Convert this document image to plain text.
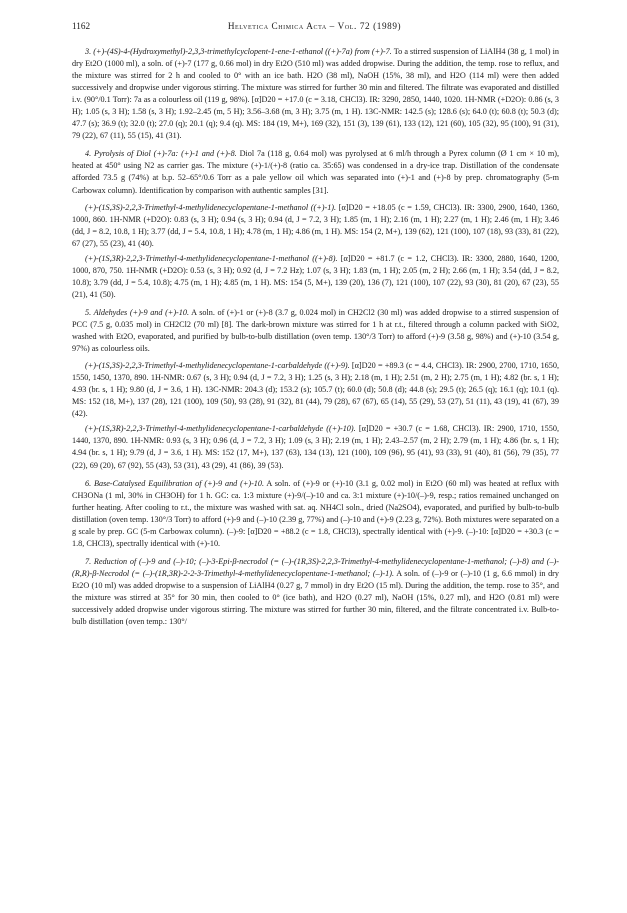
1162	Helvetica Chimica Acta – Vol. 72 (1989)

3. (+)-(4S)-4-(Hydroxymethyl)-2,3,3-trimethylcyclopent-1-ene-1-ethanol ((+)-7a) from (+)-7. To a stirred suspension of LiAlH4 (38 g, 1 mol) in dry Et2O (1000 ml), a soln. of (+)-7 (177 g, 0.66 mol) in dry Et2O (510 ml) was added dropwise. During the addition, the temp. rose to reflux, and the mixture was stirred for 2 h and cooled to 0° with an ice bath. H2O (38 ml), NaOH (15%, 38 ml), and H2O (114 ml) were then added successively and dropwise under vigorous stirring. The mixture was stirred for further 30 min and filtered. The filtrate was evaporated and distilled i.v. (90°/0.1 Torr): 7a as a colourless oil (119 g, 98%). [α]D20 = +17.0 (c = 3.18, CHCl3). IR: 3290, 2850, 1440, 1020. 1H-NMR (+D2O): 0.86 (s, 3 H); 1.05 (s, 3 H); 1.58 (s, 3 H); 1.92–2.45 (m, 5 H); 3.56–3.68 (m, 3 H); 3.75 (m, 1 H). 13C-NMR: 142.5 (s); 128.6 (s); 64.0 (t); 60.8 (t); 50.3 (d); 47.7 (s); 36.9 (t); 32.0 (t); 27.0 (q); 20.1 (q); 9.4 (q). MS: 184 (19, M+), 169 (32), 151 (3), 139 (61), 133 (12), 121 (60), 105 (32), 95 (100), 91 (31), 79 (22), 67 (11), 55 (15), 41 (31).

4. Pyrolysis of Diol (+)-7a: (+)-1 and (+)-8. Diol 7a (118 g, 0.64 mol) was pyrolysed at 6 ml/h through a Pyrex column (Ø 1 cm × 10 m), heated at 450° using N2 as carrier gas. The mixture (+)-1/(+)-8 (ratio ca. 35:65) was condensed in a dry-ice trap. Distillation of the condensate afforded 73.5 g (74%) at b.p. 52–65°/0.6 Torr as a pale yellow oil which was separated into (+)-1 and (+)-8 by prep. chromatography (5-m Carbowax column). Identification by comparison with authentic samples [31].

(+)-(1S,3S)-2,2,3-Trimethyl-4-methylidenecyclopentane-1-methanol ((+)-1). [α]D20 = +18.05 (c = 1.59, CHCl3). IR: 3300, 2900, 1640, 1360, 1000, 860. 1H-NMR (+D2O): 0.83 (s, 3 H); 0.94 (s, 3 H); 0.94 (d, J = 7.2, 3 H); 1.85 (m, 1 H); 2.16 (m, 1 H); 2.27 (m, 1 H); 2.46 (m, 1 H); 3.46 (dd, J = 8.2, 10.8, 1 H); 3.77 (dd, J = 5.4, 10.8, 1 H); 4.78 (m, 1 H); 4.86 (m, 1 H). MS: 154 (2, M+), 139 (62), 121 (100), 107 (18), 93 (33), 81 (22), 67 (27), 55 (23), 41 (40).

(+)-(1S,3R)-2,2,3-Trimethyl-4-methylidenecyclopentane-1-methanol ((+)-8). [α]D20 = +81.7 (c = 1.2, CHCl3). IR: 3300, 2880, 1640, 1200, 1000, 870, 750. 1H-NMR (+D2O): 0.53 (s, 3 H); 0.92 (d, J = 7.2 Hz); 1.07 (s, 3 H); 1.83 (m, 1 H); 2.05 (m, 2 H); 2.66 (m, 1 H); 3.54 (dd, J = 8.2, 10.8); 3.79 (dd, J = 5.4, 10.8); 4.75 (m, 1 H); 4.85 (m, 1 H). MS: 154 (5, M+), 139 (20), 136 (7), 121 (100), 107 (22), 93 (30), 81 (20), 67 (23), 55 (21), 41 (50).

5. Aldehydes (+)-9 and (+)-10. A soln. of (+)-1 or (+)-8 (3.7 g, 0.024 mol) in CH2Cl2 (30 ml) was added dropwise to a stirred suspension of PCC (7.5 g, 0.035 mol) in CH2Cl2 (70 ml) [8]. The dark-brown mixture was stirred for 1 h at r.t., filtered through a column packed with SiO2, washed with Et2O, evaporated, and purified by bulb-to-bulb distillation (oven temp. 130°/3 Torr) to afford (+)-9 (3.58 g, 98%) and (+)-10 (3.54 g, 97%) as colourless oils.

(+)-(1S,3S)-2,2,3-Trimethyl-4-methylidenecyclopentane-1-carbaldehyde ((+)-9). [α]D20 = +89.3 (c = 4.4, CHCl3). IR: 2900, 2700, 1710, 1650, 1550, 1450, 1370, 890. 1H-NMR: 0.67 (s, 3 H); 0.94 (d, J = 7.2, 3 H); 1.25 (s, 3 H); 2.18 (m, 1 H); 2.51 (m, 2 H); 2.75 (m, 1 H); 4.82 (br. s, 1 H); 4.93 (br. s, 1 H); 9.80 (d, J = 3.6, 1 H). 13C-NMR: 204.3 (d); 153.2 (s); 105.7 (t); 60.0 (d); 50.8 (d); 44.8 (s); 29.5 (t); 26.5 (q); 16.1 (q); 10.1 (q). MS: 152 (18, M+), 137 (28), 121 (100), 109 (50), 93 (28), 91 (32), 81 (44), 79 (28), 67 (67), 65 (14), 55 (29), 53 (27), 51 (11), 43 (19), 41 (67), 39 (42).

(+)-(1S,3R)-2,2,3-Trimethyl-4-methylidenecyclopentane-1-carbaldehyde ((+)-10). [α]D20 = +30.7 (c = 1.68, CHCl3). IR: 2900, 1710, 1550, 1440, 1370, 890. 1H-NMR: 0.93 (s, 3 H); 0.96 (d, J = 7.2, 3 H); 1.09 (s, 3 H); 2.19 (m, 1 H); 2.43–2.57 (m, 2 H); 2.79 (m, 1 H); 4.86 (br. s, 1 H); 4.94 (br. s, 1 H); 9.79 (d, J = 3.6, 1 H). MS: 152 (17, M+), 137 (63), 134 (13), 121 (100), 109 (96), 95 (41), 93 (33), 91 (40), 81 (56), 79 (35), 77 (22), 69 (20), 67 (92), 55 (43), 53 (31), 43 (29), 41 (86), 39 (53).

6. Base-Catalysed Equilibration of (+)-9 and (+)-10. A soln. of (+)-9 or (+)-10 (3.1 g, 0.02 mol) in Et2O (60 ml) was heated at reflux with CH3ONa (1 ml, 30% in CH3OH) for 1 h. GC: ca. 1:3 mixture (+)-9/(–)-10 and ca. 3:1 mixture (+)-10/(–)-9, resp.; ratios remained unchanged on further heating. After cooling to r.t., the mixture was washed with sat. aq. NH4Cl soln., dried (Na2SO4), evaporated, and purified by bulb-to-bulb distillation (oven temp. 130°/3 Torr) to afford (+)-9 and (–)-10 (2.39 g, 77%) and (–)-10 and (+)-9 (2.23 g, 72%). Both mixtures were separated on a g scale by prep. GC (5-m Carbowax column). (–)-9: [α]D20 = +88.2 (c = 1.8, CHCl3), spectrally identical with (+)-9. (–)-10: [α]D20 = +30.3 (c = 1.8, CHCl3), spectrally identical with (+)-10.

7. Reduction of (–)-9 and (–)-10; (–)-3-Epi-β-necrodol (= (–)-(1R,3S)-2,2,3-Trimethyl-4-methylidenecyclopentane-1-methanol; (–)-8) and (–)-(R,R)-β-Necrodol (= (–)-(1R,3R)-2-2-3-Trimethyl-4-methylidenecyclopentane-1-methanol; (–)-1). A soln. of (–)-9 or (–)-10 (1 g, 6.6 mmol) in dry Et2O (10 ml) was added dropwise to a suspension of LiAlH4 (0.27 g, 7 mmol) in dry Et2O (15 ml). During the addition, the temp. rose to 35°, and the mixture was stirred at 35° for 30 min, then cooled to 0° (ice bath), and H2O (0.27 ml), NaOH (15%, 0.27 ml), and H2O (0.81 ml) were successively added dropwise under vigorous stirring. The mixture was stirred for further 30 min, filtered, and the filtrate concentrated i.v. Bulb-to-bulb distillation (oven temp.: 130°/
